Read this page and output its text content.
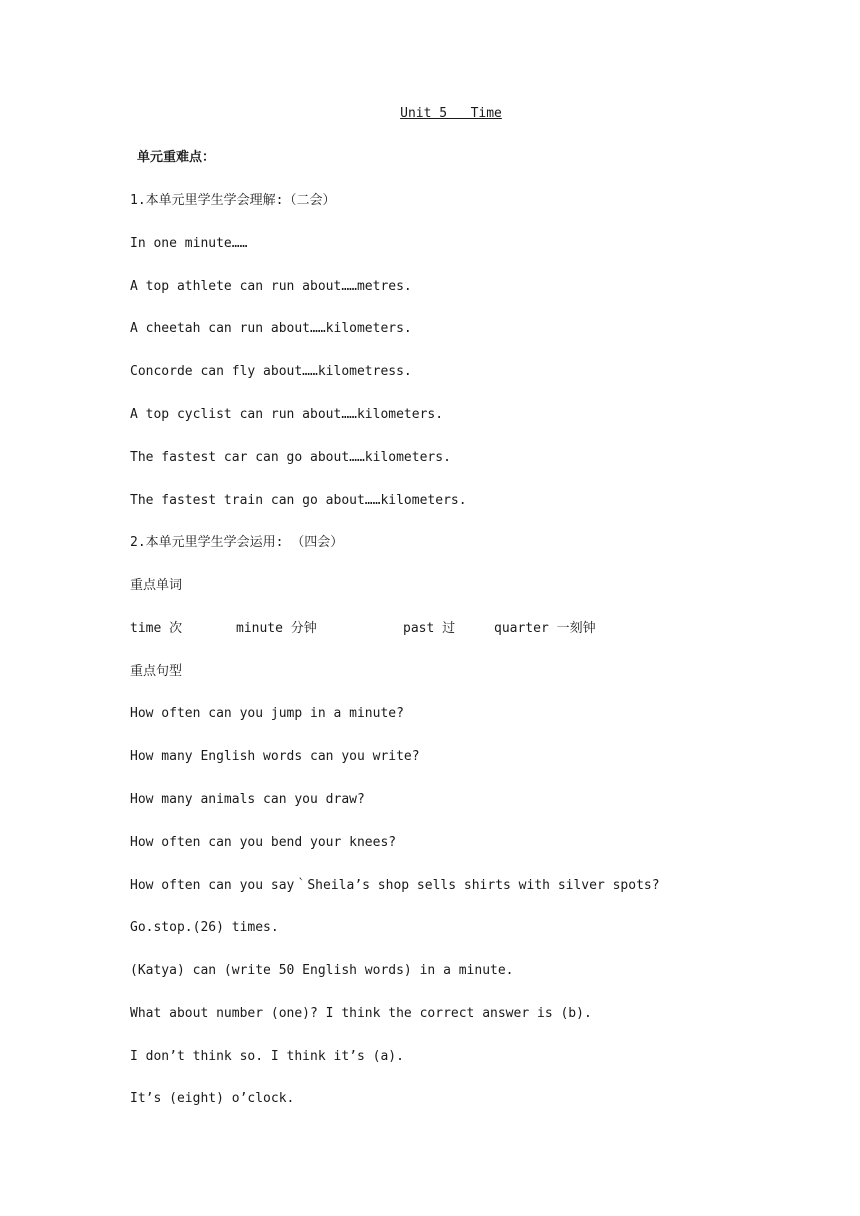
Unit 5   Time
单元重难点：
1.本单元里学生学会理解:（二会）
In one minute……
A top athlete can run about……metres.
A cheetah can run about……kilometers.
Concorde can fly about……kilometress.
A top cyclist can run about……kilometers.
The fastest car can go about……kilometers.
The fastest train can go about……kilometers.
2.本单元里学生学会运用: （四会）
重点单词
time 次	minute 分钟	past 过	quarter 一刻钟
重点句型
How often can you jump in a minute?
How many English words can you write?
How many animals can you draw?
How often can you bend your knees?
How often can you say｀Sheila’s shop sells shirts with silver spots?
Go.stop.(26) times.
(Katya) can (write 50 English words) in a minute.
What about number (one)? I think the correct answer is (b).
I don’t think so. I think it’s (a).
It’s (eight) o’clock.
